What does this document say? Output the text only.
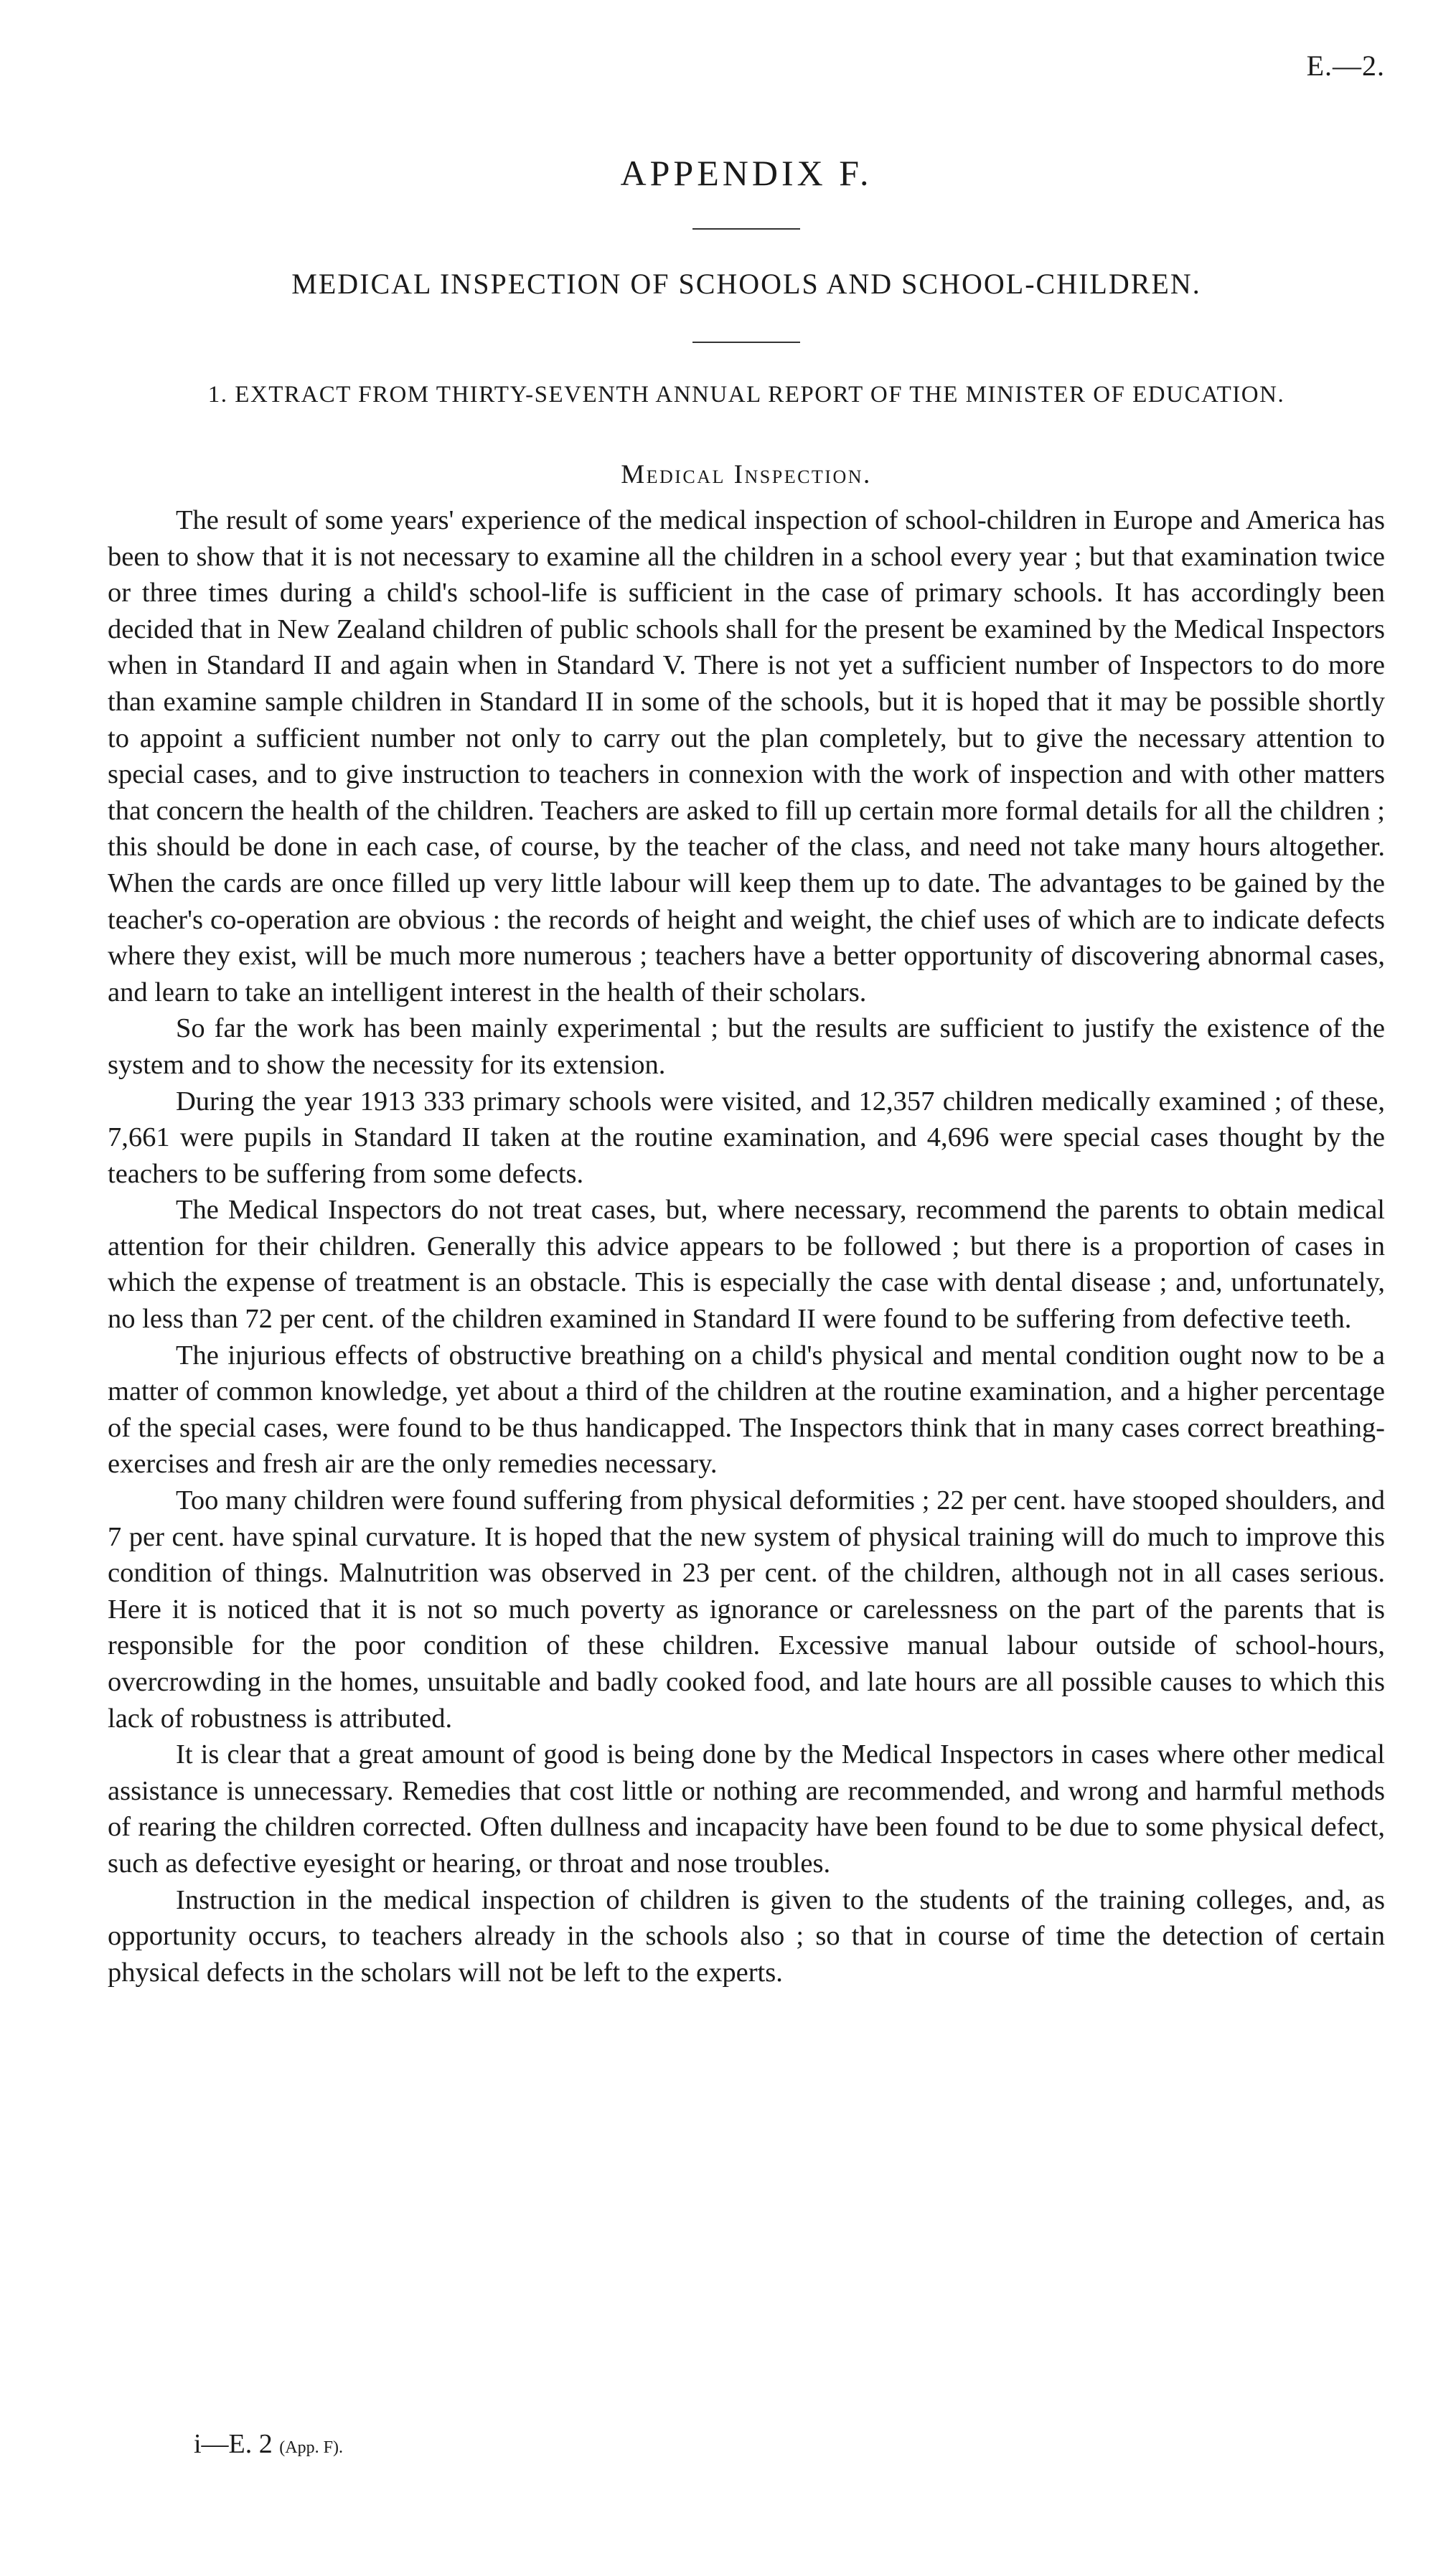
E.—2.
APPENDIX F.
MEDICAL INSPECTION OF SCHOOLS AND SCHOOL-CHILDREN.
1. EXTRACT FROM THIRTY-SEVENTH ANNUAL REPORT OF THE MINISTER OF EDUCATION.
Medical Inspection.

The result of some years' experience of the medical inspection of school-children in Europe and America has been to show that it is not necessary to examine all the children in a school every year ; but that examination twice or three times during a child's school-life is sufficient in the case of primary schools. It has accordingly been decided that in New Zealand children of public schools shall for the present be examined by the Medical Inspectors when in Standard II and again when in Standard V. There is not yet a sufficient number of Inspectors to do more than examine sample children in Standard II in some of the schools, but it is hoped that it may be possible shortly to appoint a sufficient number not only to carry out the plan completely, but to give the necessary attention to special cases, and to give instruction to teachers in connexion with the work of inspection and with other matters that concern the health of the children. Teachers are asked to fill up certain more formal details for all the children ; this should be done in each case, of course, by the teacher of the class, and need not take many hours altogether. When the cards are once filled up very little labour will keep them up to date. The advantages to be gained by the teacher's co-operation are obvious : the records of height and weight, the chief uses of which are to indicate defects where they exist, will be much more numerous ; teachers have a better opportunity of discovering abnormal cases, and learn to take an intelligent interest in the health of their scholars.

So far the work has been mainly experimental ; but the results are sufficient to justify the existence of the system and to show the necessity for its extension.

During the year 1913 333 primary schools were visited, and 12,357 children medically examined ; of these, 7,661 were pupils in Standard II taken at the routine examination, and 4,696 were special cases thought by the teachers to be suffering from some defects.

The Medical Inspectors do not treat cases, but, where necessary, recommend the parents to obtain medical attention for their children. Generally this advice appears to be followed ; but there is a proportion of cases in which the expense of treatment is an obstacle. This is especially the case with dental disease ; and, unfortunately, no less than 72 per cent. of the children examined in Standard II were found to be suffering from defective teeth.

The injurious effects of obstructive breathing on a child's physical and mental condition ought now to be a matter of common knowledge, yet about a third of the children at the routine examination, and a higher percentage of the special cases, were found to be thus handicapped. The Inspectors think that in many cases correct breathing-exercises and fresh air are the only remedies necessary.

Too many children were found suffering from physical deformities ; 22 per cent. have stooped shoulders, and 7 per cent. have spinal curvature. It is hoped that the new system of physical training will do much to improve this condition of things. Malnutrition was observed in 23 per cent. of the children, although not in all cases serious. Here it is noticed that it is not so much poverty as ignorance or carelessness on the part of the parents that is responsible for the poor condition of these children. Excessive manual labour outside of school-hours, overcrowding in the homes, unsuitable and badly cooked food, and late hours are all possible causes to which this lack of robustness is attributed.

It is clear that a great amount of good is being done by the Medical Inspectors in cases where other medical assistance is unnecessary. Remedies that cost little or nothing are recommended, and wrong and harmful methods of rearing the children corrected. Often dullness and incapacity have been found to be due to some physical defect, such as defective eyesight or hearing, or throat and nose troubles.

Instruction in the medical inspection of children is given to the students of the training colleges, and, as opportunity occurs, to teachers already in the schools also ; so that in course of time the detection of certain physical defects in the scholars will not be left to the experts.

i—E. 2 (App. F).
